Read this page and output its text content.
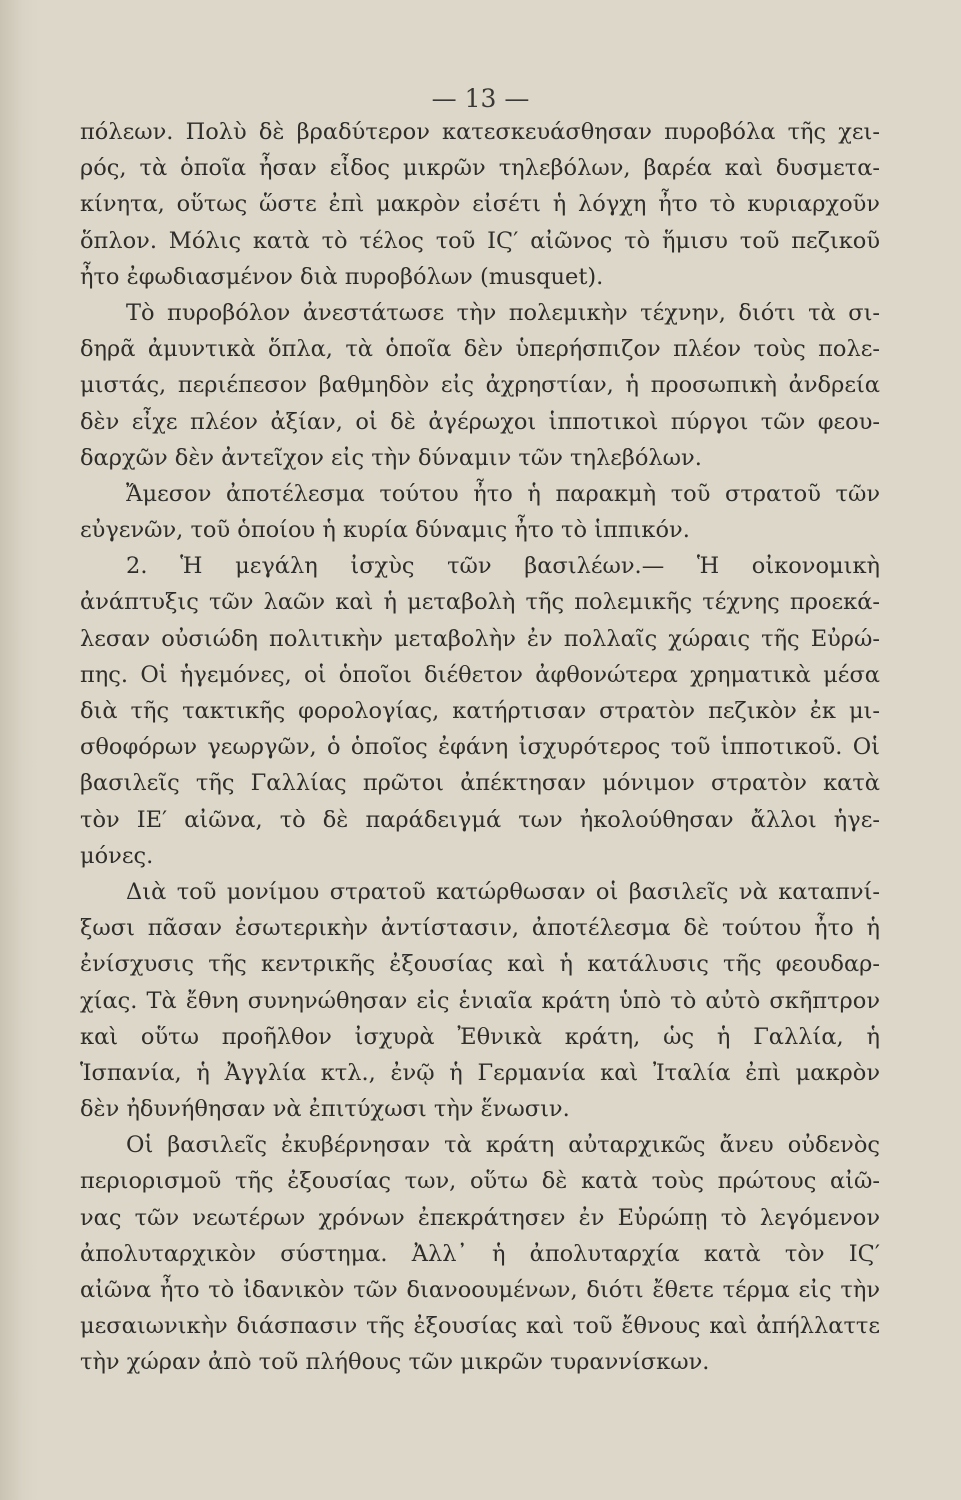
— 13 —
πόλεων. Πολὺ δὲ βραδύτερον κατεσκευάσθησαν πυροβόλα τῆς χει-
ρός, τὰ ὁποῖα ἦσαν εἶδος μικρῶν τηλεβόλων, βαρέα καὶ δυσμετα-
κίνητα, οὕτως ὥστε ἐπὶ μακρὸν εἰσέτι ἡ λόγχη ἦτο τὸ κυριαρχοῦν
ὅπλον. Μόλις κατὰ τὸ τέλος τοῦ ΙϚ′ αἰῶνος τὸ ἥμισυ τοῦ πεζικοῦ
ἦτο ἐφωδιασμένον διὰ πυροβόλων (musquet).
Τὸ πυροβόλον ἀνεστάτωσε τὴν πολεμικὴν τέχνην, διότι τὰ σι-
δηρᾶ ἀμυντικὰ ὅπλα, τὰ ὁποῖα δὲν ὑπερήσπιζον πλέον τοὺς πολε-
μιστάς, περιέπεσον βαθμηδὸν εἰς ἀχρηστίαν, ἡ προσωπικὴ ἀνδρεία
δὲν εἶχε πλέον ἀξίαν, οἱ δὲ ἀγέρωχοι ἱπποτικοὶ πύργοι τῶν φεου-
δαρχῶν δὲν ἀντεῖχον εἰς τὴν δύναμιν τῶν τηλεβόλων.
Ἄμεσον ἀποτέλεσμα τούτου ἦτο ἡ παρακμὴ τοῦ στρατοῦ τῶν
εὐγενῶν, τοῦ ὁποίου ἡ κυρία δύναμις ἦτο τὸ ἱππικόν.
2. Ἡ μεγάλη ἰσχὺς τῶν βασιλέων.— Ἡ οἰκονομικὴ
ἀνάπτυξις τῶν λαῶν καὶ ἡ μεταβολὴ τῆς πολεμικῆς τέχνης προεκά-
λεσαν οὐσιώδη πολιτικὴν μεταβολὴν ἐν πολλαῖς χώραις τῆς Εὐρώ-
πης. Οἱ ἡγεμόνες, οἱ ὁποῖοι διέθετον ἀφθονώτερα χρηματικὰ μέσα
διὰ τῆς τακτικῆς φορολογίας, κατήρτισαν στρατὸν πεζικὸν ἐκ μι-
σθοφόρων γεωργῶν, ὁ ὁποῖος ἐφάνη ἰσχυρότερος τοῦ ἱπποτικοῦ. Οἱ
βασιλεῖς τῆς Γαλλίας πρῶτοι ἀπέκτησαν μόνιμον στρατὸν κατὰ
τὸν ΙΕ′ αἰῶνα, τὸ δὲ παράδειγμά των ἠκολούθησαν ἄλλοι ἡγε-
μόνες.
Διὰ τοῦ μονίμου στρατοῦ κατώρθωσαν οἱ βασιλεῖς νὰ καταπνί-
ξωσι πᾶσαν ἐσωτερικὴν ἀντίστασιν, ἀποτέλεσμα δὲ τούτου ἦτο ἡ
ἐνίσχυσις τῆς κεντρικῆς ἐξουσίας καὶ ἡ κατάλυσις τῆς φεουδαρ-
χίας. Τὰ ἔθνη συνηνώθησαν εἰς ἑνιαῖα κράτη ὑπὸ τὸ αὐτὸ σκῆπτρον
καὶ οὕτω προῆλθον ἰσχυρὰ Ἐθνικὰ κράτη, ὡς ἡ Γαλλία, ἡ
Ἱσπανία, ἡ Ἀγγλία κτλ., ἐνῷ ἡ Γερμανία καὶ Ἰταλία ἐπὶ μακρὸν
δὲν ἠδυνήθησαν νὰ ἐπιτύχωσι τὴν ἕνωσιν.
Οἱ βασιλεῖς ἐκυβέρνησαν τὰ κράτη αὐταρχικῶς ἄνευ οὐδενὸς
περιορισμοῦ τῆς ἐξουσίας των, οὕτω δὲ κατὰ τοὺς πρώτους αἰῶ-
νας τῶν νεωτέρων χρόνων ἐπεκράτησεν ἐν Εὐρώπῃ τὸ λεγόμενον
ἀπολυταρχικὸν σύστημα. Ἀλλ᾽ ἡ ἀπολυταρχία κατὰ τὸν ΙϚ′
αἰῶνα ἦτο τὸ ἰδανικὸν τῶν διανοουμένων, διότι ἔθετε τέρμα εἰς τὴν
μεσαιωνικὴν διάσπασιν τῆς ἐξουσίας καὶ τοῦ ἔθνους καὶ ἀπήλλαττε
τὴν χώραν ἀπὸ τοῦ πλήθους τῶν μικρῶν τυραννίσκων.
